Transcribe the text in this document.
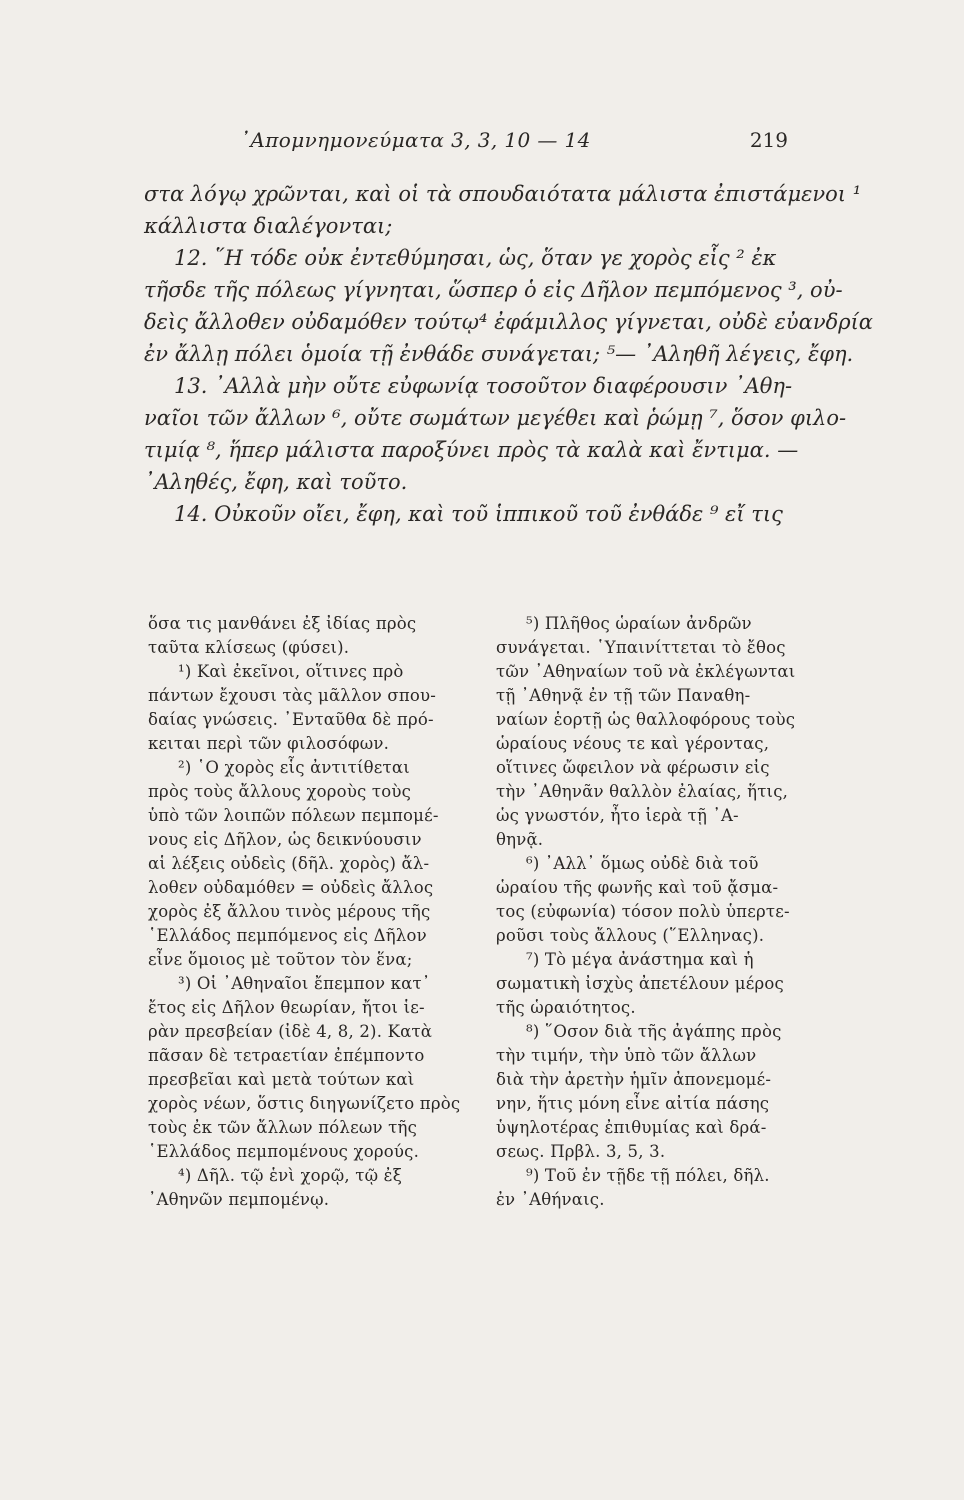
᾿Απομνημονεύματα 3, 3, 10 — 14	219
στα λόγῳ χρῶνται, καὶ οἱ τὰ σπουδαιότατα μάλιστα ἐπιστάμενοι ¹
κάλλιστα διαλέγονται;
12. ῞Η τόδε οὐκ ἐντεθύμησαι, ὡς, ὅταν γε χορὸς εἷς ² ἐκ
τῆσδε τῆς πόλεως γίγνηται, ὥσπερ ὁ εἰς Δῆλον πεμπόμενος ³, οὐ-
δεὶς ἄλλοθεν οὐδαμόθεν τούτῳ⁴ ἐφάμιλλος γίγνεται, οὐδὲ εὐανδρία
ἐν ἄλλῃ πόλει ὁμοία τῇ ἐνθάδε συνάγεται; ⁵— ᾿Αληθῆ λέγεις, ἔφη.
13. ᾿Αλλὰ μὴν οὔτε εὐφωνίᾳ τοσοῦτον διαφέρουσιν ᾿Αθη-
ναῖοι τῶν ἄλλων ⁶, οὔτε σωμάτων μεγέθει καὶ ῥώμῃ ⁷, ὅσον φιλο-
τιμίᾳ ⁸, ἥπερ μάλιστα παροξύνει πρὸς τὰ καλὰ καὶ ἔντιμα. —
᾿Αληθές, ἔφη, καὶ τοῦτο.
14. Οὐκοῦν οἴει, ἔφη, καὶ τοῦ ἱππικοῦ τοῦ ἐνθάδε ⁹ εἴ τις
ὅσα τις μανθάνει ἐξ ἰδίας πρὸς
ταῦτα κλίσεως (φύσει).
¹) Καὶ ἐκεῖνοι, οἵτινες πρὸ
πάντων ἔχουσι τὰς μᾶλλον σπου-
δαίας γνώσεις. ᾿Ενταῦθα δὲ πρό-
κειται περὶ τῶν φιλοσόφων.
²) ῾Ο χορὸς εἷς ἀντιτίθεται
πρὸς τοὺς ἄλλους χοροὺς τοὺς
ὑπὸ τῶν λοιπῶν πόλεων πεμπομέ-
νους εἰς Δῆλον, ὡς δεικνύουσιν
αἱ λέξεις οὐδεὶς (δῆλ. χορὸς) ἄλ-
λοθεν οὐδαμόθεν = οὐδεὶς ἄλλος
χορὸς ἐξ ἄλλου τινὸς μέρους τῆς
῾Ελλάδος πεμπόμενος εἰς Δῆλον
εἶνε ὅμοιος μὲ τοῦτον τὸν ἕνα;
³) Οἱ ᾿Αθηναῖοι ἔπεμπον κατ᾿
ἔτος εἰς Δῆλον θεωρίαν, ἤτοι ἱε-
ρὰν πρεσβείαν (ἰδὲ 4, 8, 2). Κατὰ
πᾶσαν δὲ τετραετίαν ἐπέμποντο
πρεσβεῖαι καὶ μετὰ τούτων καὶ
χορὸς νέων, ὅστις διηγωνίζετο πρὸς
τοὺς ἐκ τῶν ἄλλων πόλεων τῆς
῾Ελλάδος πεμπομένους χορούς.
⁴) Δῆλ. τῷ ἑνὶ χορῷ, τῷ ἐξ
᾿Αθηνῶν πεμπομένῳ.
⁵) Πλῆθος ὡραίων ἀνδρῶν
συνάγεται. ῾Υπαινίττεται τὸ ἔθος
τῶν ᾿Αθηναίων τοῦ νὰ ἐκλέγωνται
τῇ ᾿Αθηνᾷ ἐν τῇ τῶν Παναθη-
ναίων ἑορτῇ ὡς θαλλοφόρους τοὺς
ὡραίους νέους τε καὶ γέροντας,
οἵτινες ὤφειλον νὰ φέρωσιν εἰς
τὴν ᾿Αθηνᾶν θαλλὸν ἐλαίας, ἥτις,
ὡς γνωστόν, ἦτο ἱερὰ τῇ ᾿Α-
θηνᾷ.
⁶) ᾿Αλλ᾿ ὅμως οὐδὲ διὰ τοῦ
ὡραίου τῆς φωνῆς καὶ τοῦ ᾄσμα-
τος (εὐφωνία) τόσον πολὺ ὑπερτε-
ροῦσι τοὺς ἄλλους (῞Ελληνας).
⁷) Τὸ μέγα ἀνάστημα καὶ ἡ
σωματικὴ ἰσχὺς ἀπετέλουν μέρος
τῆς ὡραιότητος.
⁸) ῞Οσον διὰ τῆς ἀγάπης πρὸς
τὴν τιμήν, τὴν ὑπὸ τῶν ἄλλων
διὰ τὴν ἀρετὴν ἡμῖν ἀπονεμομέ-
νην, ἥτις μόνη εἶνε αἰτία πάσης
ὑψηλοτέρας ἐπιθυμίας καὶ δρά-
σεως. Πρβλ. 3, 5, 3.
⁹) Τοῦ ἐν τῇδε τῇ πόλει, δῆλ.
ἐν ᾿Αθήναις.
